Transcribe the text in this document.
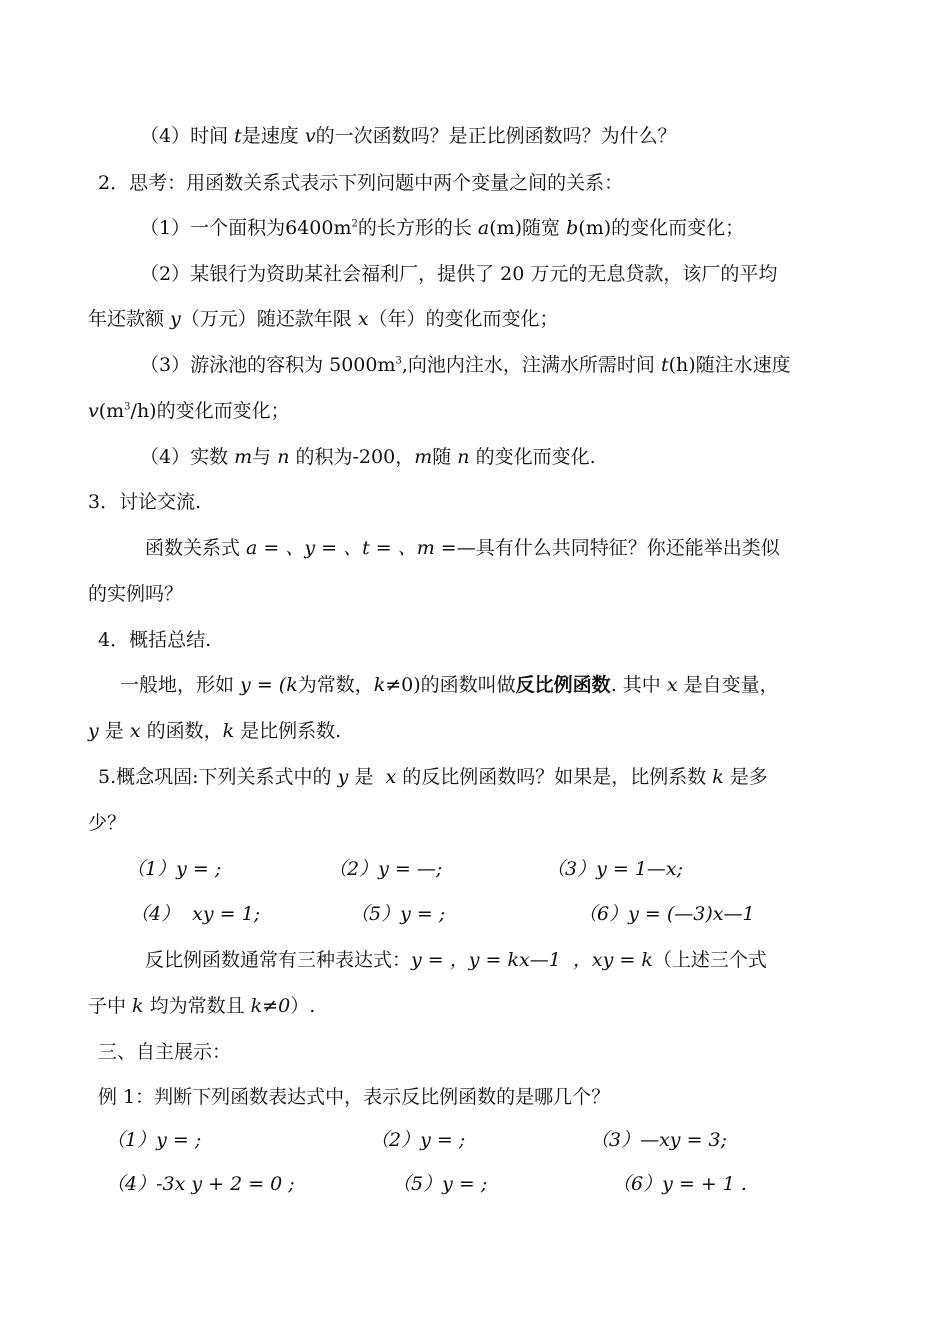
（4）时间 t是速度 v的一次函数吗？是正比例函数吗？为什么？
2．思考：用函数关系式表示下列问题中两个变量之间的关系：
（1）一个面积为$6400m^2$的长方形的长 a(m)随宽 b(m)的变化而变化；
（2）某银行为资助某社会福利厂，提供了 20 万元的无息贷款，该厂的平均
年还款额 y（万元）随还款年限 x（年）的变化而变化；
（3）游泳池的容积为 $5000m^3$,向池内注水，注满水所需时间 t(h)随注水速度
$v(m^3/h)$的变化而变化；
（4）实数 m与 n 的积为-200，m随 n 的变化而变化.
3．讨论交流.
函数关系式 a = 、y = 、t = 、m =—具有什么共同特征？你还能举出类似
的实例吗？
4．概括总结.
一般地，形如 y = (k为常数，k≠0)的函数叫做反比例函数. 其中 x 是自变量，
y 是 x 的函数，k 是比例系数.
5.概念巩固:下列关系式中的 y 是  x 的反比例函数吗？如果是，比例系数 k 是多
少？
（1）y = ;	（2）y = —;	（3）y = 1—x;
（4）  xy = 1;	（5）y = ;	（6）y = (—3)x—1
反比例函数通常有三种表达式：y = ，y = kx—1  ，xy = k（上述三个式
子中 k 均为常数且 k≠0）.
三、自主展示：
例 1：判断下列函数表达式中，表示反比例函数的是哪几个？
（1）y = ;	（2）y = ;	（3）—xy = 3;
（4）-3x y + 2 = 0 ;	（5）y = ;	（6）y = + 1 .
